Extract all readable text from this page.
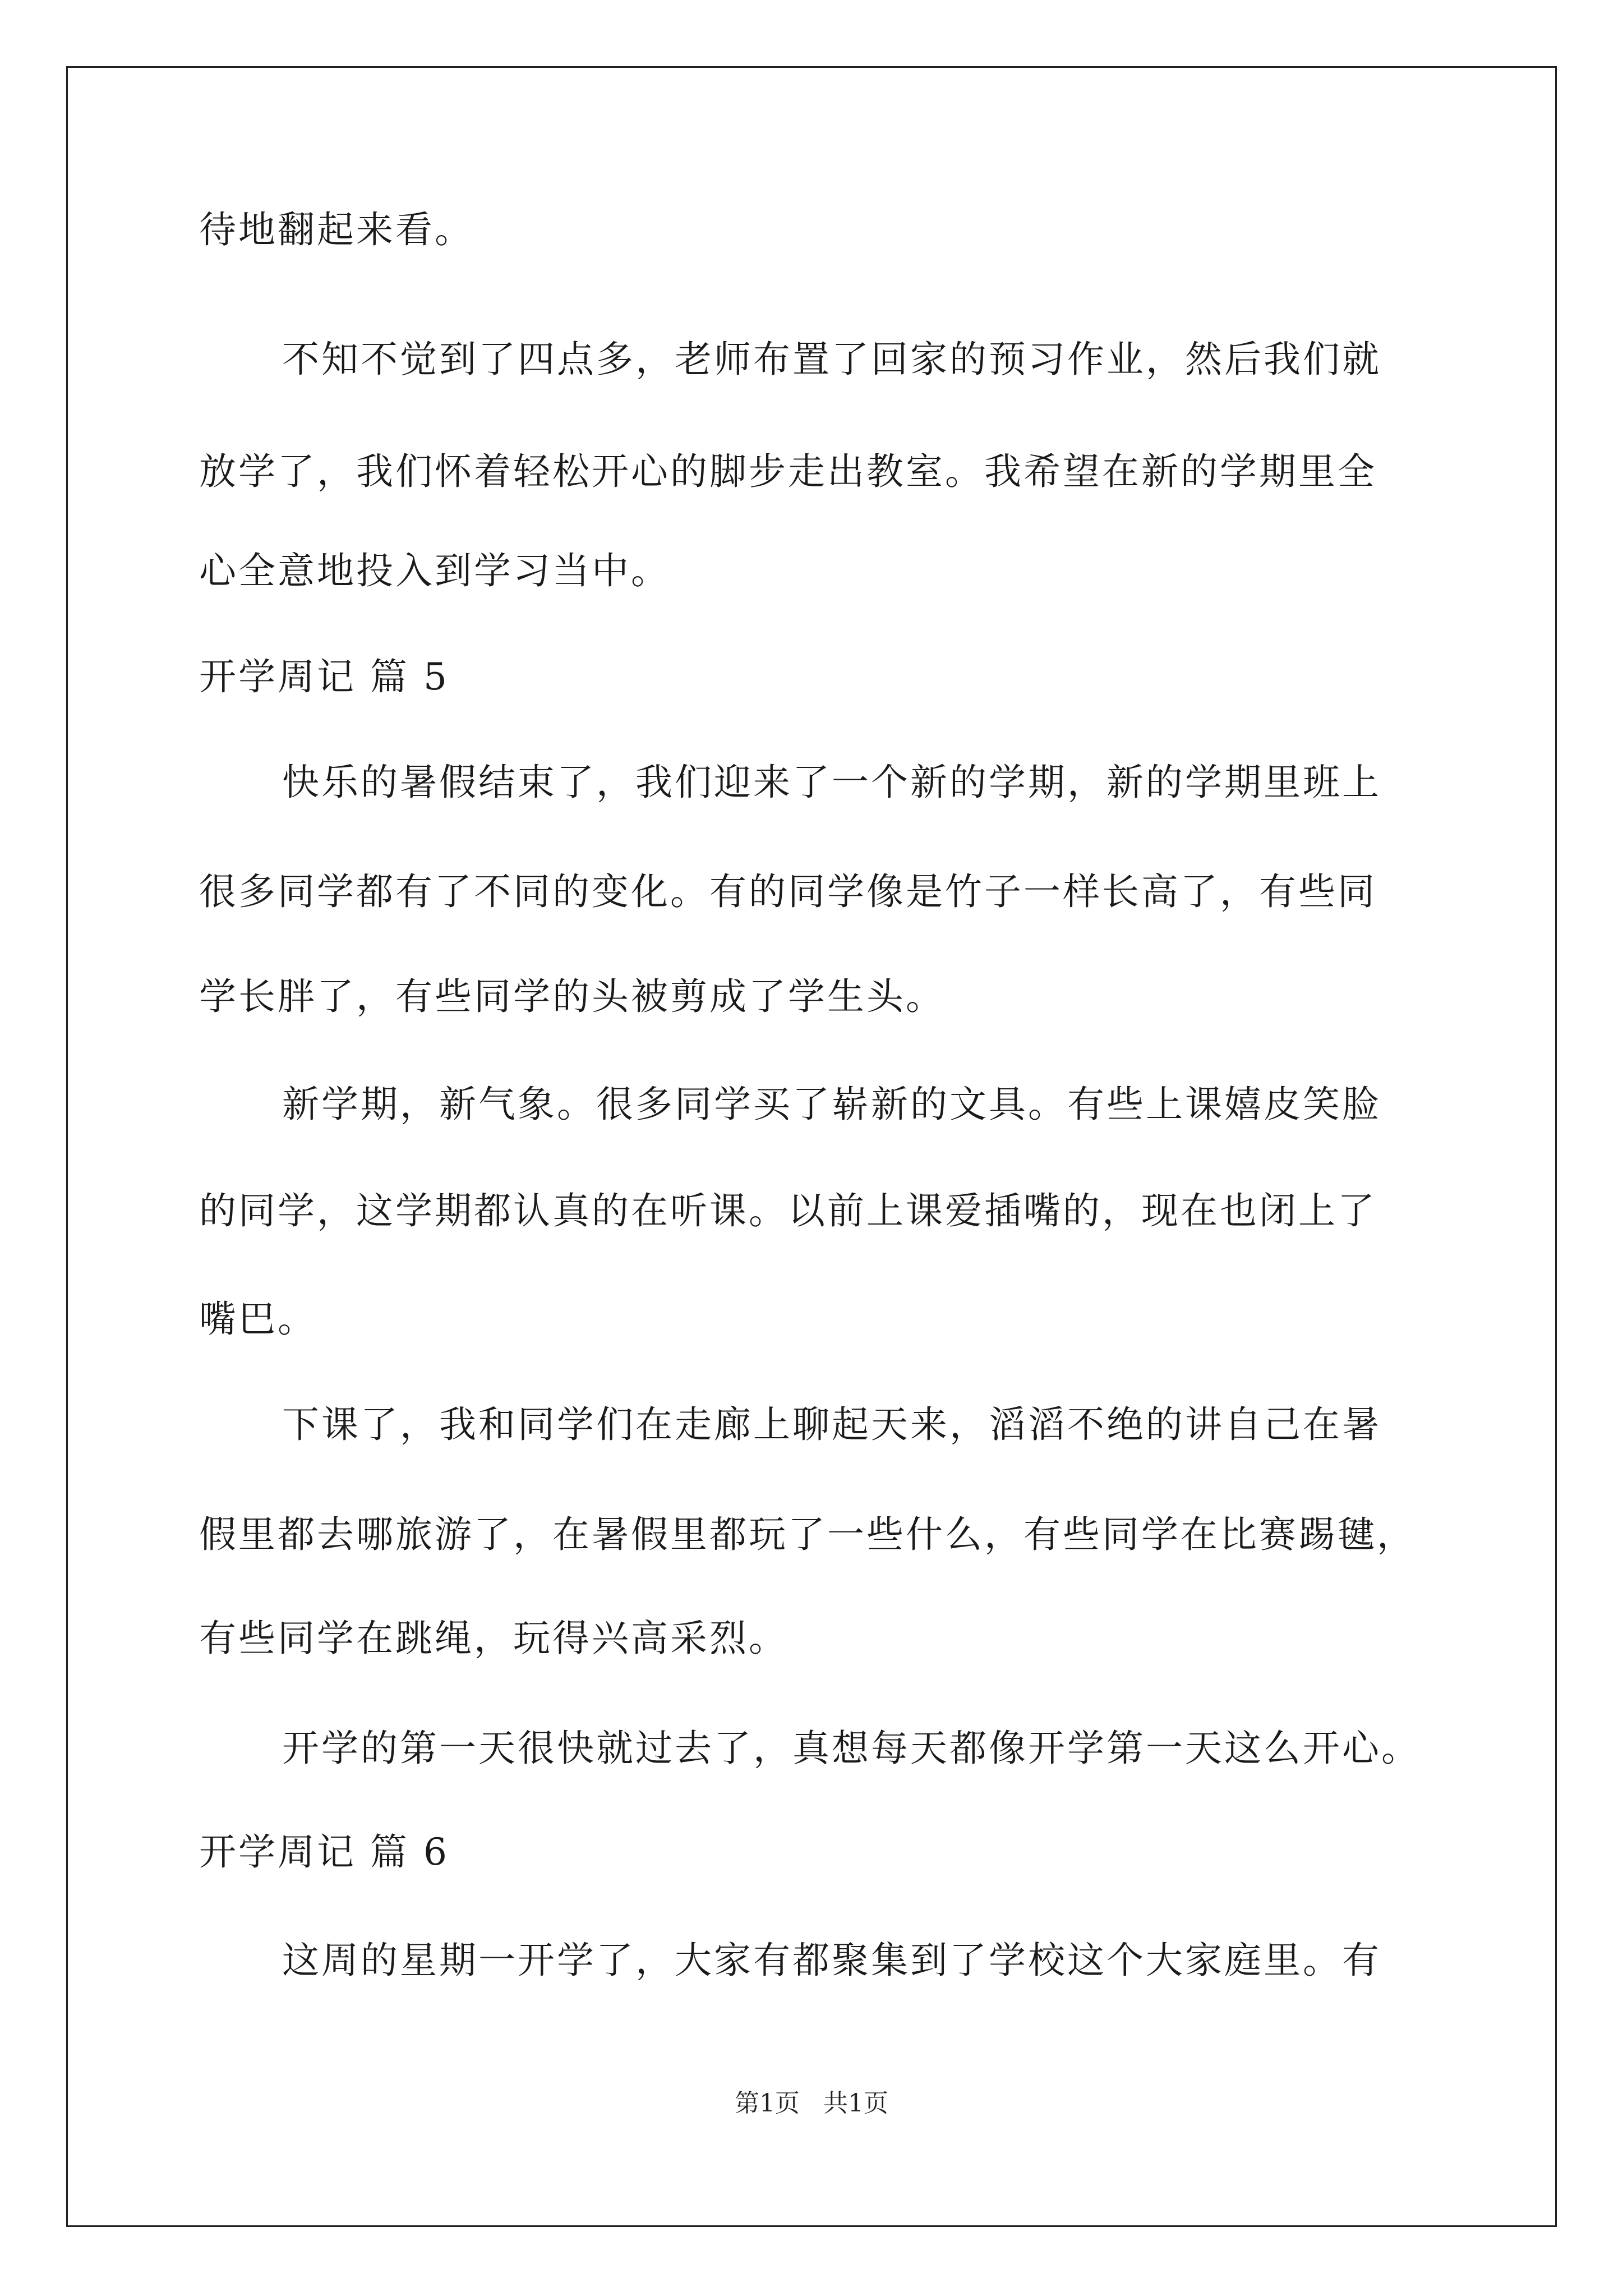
待地翻起来看。
不知不觉到了四点多，老师布置了回家的预习作业，然后我们就
放学了，我们怀着轻松开心的脚步走出教室。我希望在新的学期里全
心全意地投入到学习当中。
开学周记 篇 5
快乐的暑假结束了，我们迎来了一个新的学期，新的学期里班上
很多同学都有了不同的变化。有的同学像是竹子一样长高了，有些同
学长胖了，有些同学的头被剪成了学生头。
新学期，新气象。很多同学买了崭新的文具。有些上课嬉皮笑脸
的同学，这学期都认真的在听课。以前上课爱插嘴的，现在也闭上了
嘴巴。
下课了，我和同学们在走廊上聊起天来，滔滔不绝的讲自己在暑
假里都去哪旅游了，在暑假里都玩了一些什么，有些同学在比赛踢毽，
有些同学在跳绳，玩得兴高采烈。
开学的第一天很快就过去了，真想每天都像开学第一天这么开心。
开学周记 篇 6
这周的星期一开学了，大家有都聚集到了学校这个大家庭里。有
第1页   共1页
